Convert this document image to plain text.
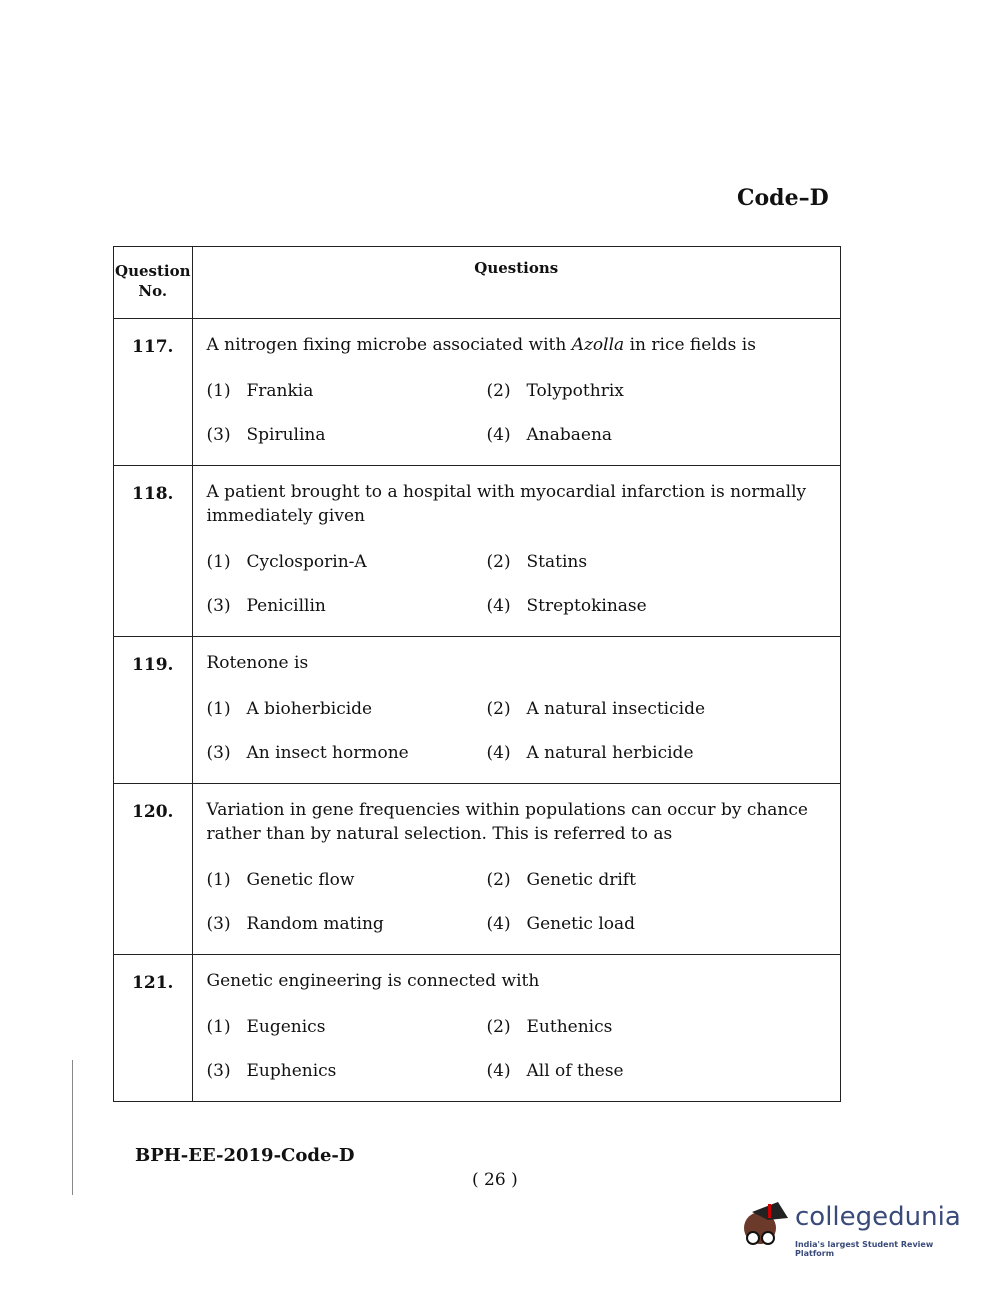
Code–D
Question No.	Questions
117.	A nitrogen fixing microbe associated with Azolla in rice fields is
(1) Frankia (2) Tolypothrix
(3) Spirulina (4) Anabaena

118.	A patient brought to a hospital with myocardial infarction is normally immediately given
(1) Cyclosporin-A (2) Statins
(3) Penicillin (4) Streptokinase

119.	Rotenone is
(1) A bioherbicide (2) A natural insecticide
(3) An insect hormone (4) A natural herbicide

120.	Variation in gene frequencies within populations can occur by chance rather than by natural selection. This is referred to as
(1) Genetic flow (2) Genetic drift
(3) Random mating (4) Genetic load

121.	Genetic engineering is connected with
(1) Eugenics (2) Euthenics
(3) Euphenics (4) All of these
BPH-EE-2019-Code-D
( 26 )
collegedunia
India's largest Student Review Platform
